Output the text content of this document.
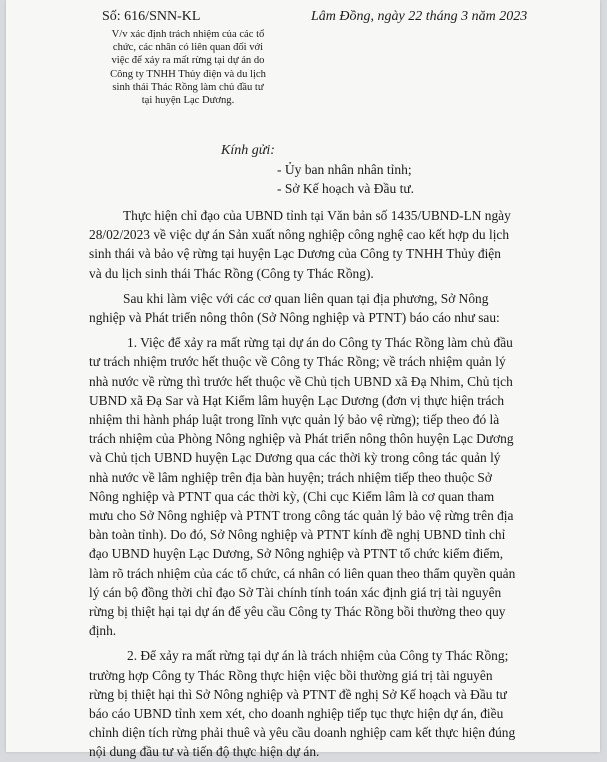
Số: 616/SNN-KL	Lâm Đồng, ngày 22 tháng 3 năm 2023
V/v xác định trách nhiệm của các tổ
chức, các nhân có liên quan đối với
việc để xảy ra mất rừng tại dự án do
Công ty TNHH Thủy điện và du lịch
sinh thái Thác Rồng làm chủ đầu tư
tại huyện Lạc Dương.
Kính gửi:
- Ủy ban nhân nhân tỉnh;
- Sở Kế hoạch và Đầu tư.
Thực hiện chỉ đạo của UBND tỉnh tại Văn bản số 1435/UBND-LN ngày
28/02/2023 về việc dự án Sản xuất nông nghiệp công nghệ cao kết hợp du lịch
sinh thái và bảo vệ rừng tại huyện Lạc Dương của Công ty TNHH Thủy điện
và du lịch sinh thái Thác Rồng (Công ty Thác Rồng).
Sau khi làm việc với các cơ quan liên quan tại địa phương, Sở Nông
nghiệp và Phát triển nông thôn (Sở Nông nghiệp và PTNT) báo cáo như sau:
1. Việc để xảy ra mất rừng tại dự án do Công ty Thác Rồng làm chủ đầu
tư trách nhiệm trước hết thuộc về Công ty Thác Rồng; về trách nhiệm quản lý
nhà nước về rừng thì trước hết thuộc về Chủ tịch UBND xã Đạ Nhim, Chủ tịch
UBND xã Đạ Sar và Hạt Kiểm lâm huyện Lạc Dương (đơn vị thực hiện trách
nhiệm thi hành pháp luật trong lĩnh vực quản lý bảo vệ rừng); tiếp theo đó là
trách nhiệm của Phòng Nông nghiệp và Phát triển nông thôn huyện Lạc Dương
và Chủ tịch UBND huyện Lạc Dương qua các thời kỳ trong công tác quản lý
nhà nước về lâm nghiệp trên địa bàn huyện; trách nhiệm tiếp theo thuộc Sở
Nông nghiệp và PTNT qua các thời kỳ, (Chi cục Kiểm lâm là cơ quan tham
mưu cho Sở Nông nghiệp và PTNT trong công tác quản lý bảo vệ rừng trên địa
bàn toàn tỉnh). Do đó, Sở Nông nghiệp và PTNT kính đề nghị UBND tỉnh chỉ
đạo UBND huyện Lạc Dương, Sở Nông nghiệp và PTNT tổ chức kiểm điểm,
làm rõ trách nhiệm của các tổ chức, cá nhân có liên quan theo thẩm quyền quản
lý cán bộ đồng thời chỉ đạo Sở Tài chính tính toán xác định giá trị tài nguyên
rừng bị thiệt hại tại dự án để yêu cầu Công ty Thác Rồng bồi thường theo quy
định.
2. Để xảy ra mất rừng tại dự án là trách nhiệm của Công ty Thác Rồng;
trường hợp Công ty Thác Rồng thực hiện việc bồi thường giá trị tài nguyên
rừng bị thiệt hại thì Sở Nông nghiệp và PTNT đề nghị Sở Kế hoạch và Đầu tư
báo cáo UBND tỉnh xem xét, cho doanh nghiệp tiếp tục thực hiện dự án, điều
chỉnh diện tích rừng phải thuê và yêu cầu doanh nghiệp cam kết thực hiện đúng
nội dung đầu tư và tiến độ thực hiện dự án.
